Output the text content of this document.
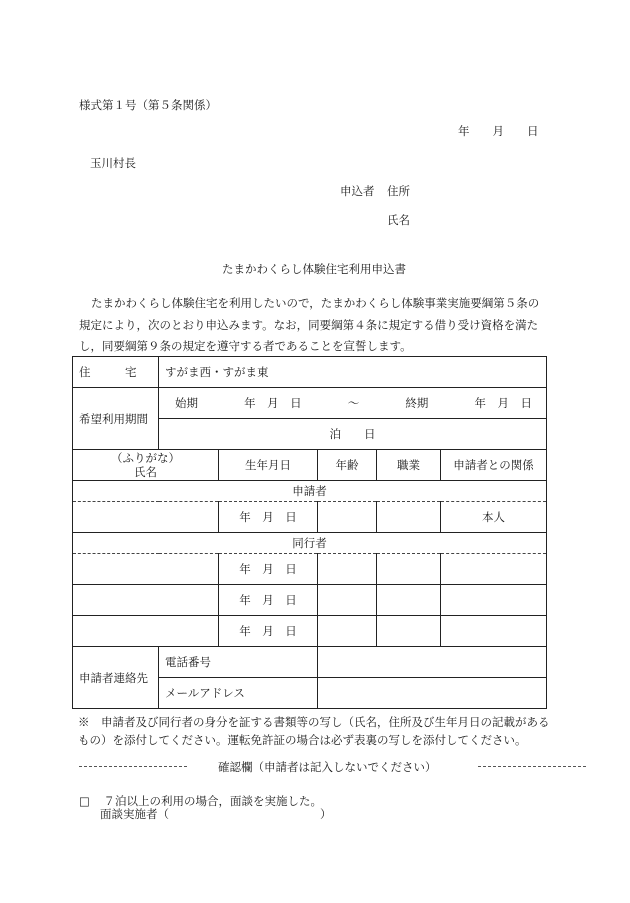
様式第１号（第５条関係）
年　　月　　日
玉川村長
申込者 住所
氏名
たまかわくらし体験住宅利用申込書
たまかわくらし体験住宅を利用したいので，たまかわくらし体験事業実施要綱第５条の規定により，次のとおり申込みます。なお，同要綱第４条に規定する借り受け資格を満たし，同要綱第９条の規定を遵守する者であることを宣誓します。
住　　　宅	すがま西・すがま東				
希望利用期間	始期 年　月　日 ～ 終期 年　月　日				

	泊　　日				

（ふりがな）
氏名		生年月日	年齢	職業	申請者との関係
申請者					
		年　月　日			本人
同行者					
		年　月　日			
		年　月　日			
		年　月　日			
申請者連絡先	電話番号				
	メールアドレス				
※　申請者及び同行者の身分を証する書類等の写し（氏名，住所及び生年月日の記載があるもの）を添付してください。運転免許証の場合は必ず表裏の写しを添付してください。
確認欄（申請者は記入しないでください）
□ ７泊以上の利用の場合，面談を実施した。
面談実施者（	）
